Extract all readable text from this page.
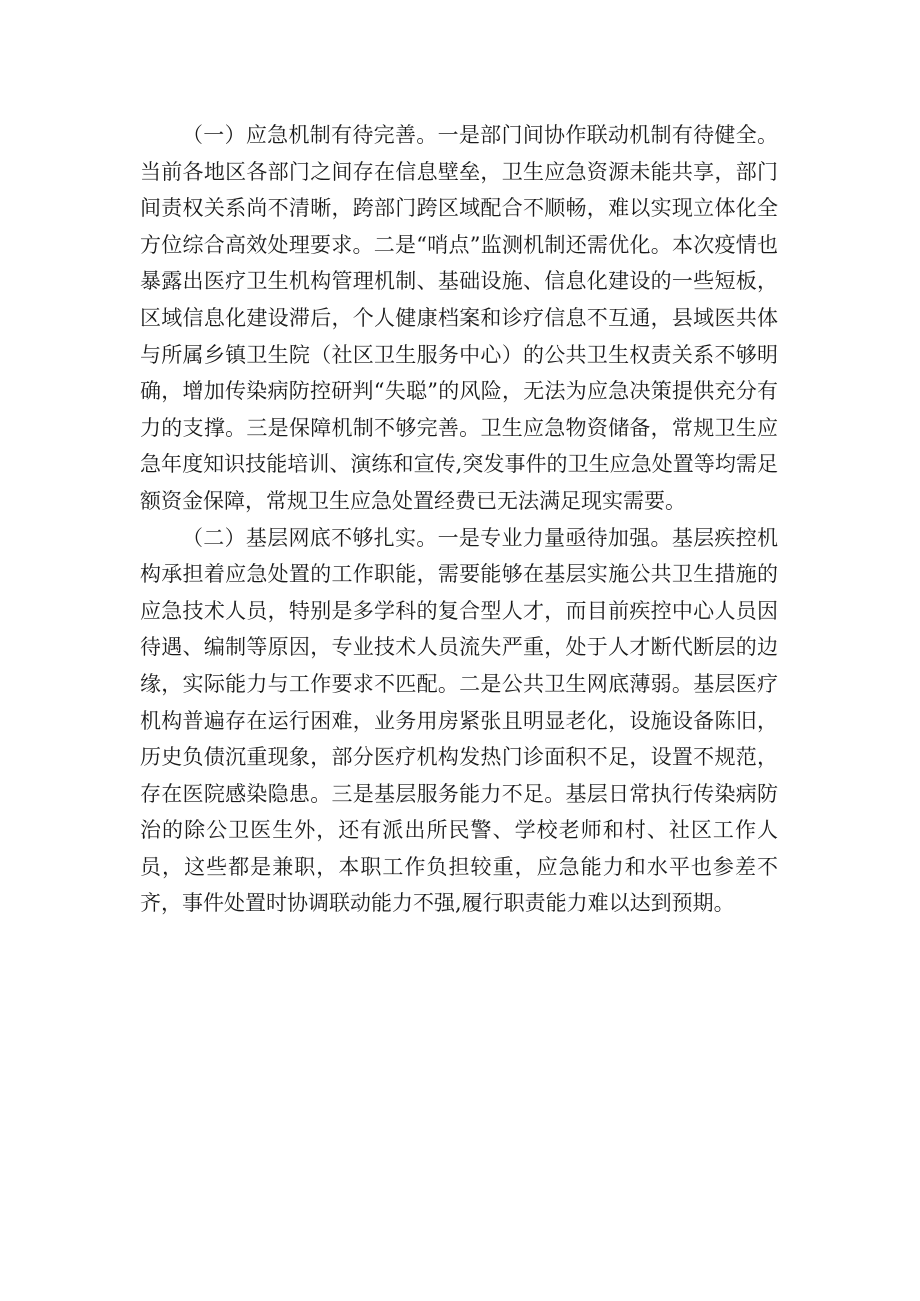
（一）应急机制有待完善。一是部门间协作联动机制有待健全。当前各地区各部门之间存在信息壁垒，卫生应急资源未能共享，部门间责权关系尚不清晰，跨部门跨区域配合不顺畅，难以实现立体化全方位综合高效处理要求。二是“哨点”监测机制还需优化。本次疫情也暴露出医疗卫生机构管理机制、基础设施、信息化建设的一些短板，区域信息化建设滞后，个人健康档案和诊疗信息不互通，县域医共体与所属乡镇卫生院（社区卫生服务中心）的公共卫生权责关系不够明确，增加传染病防控研判“失聪”的风险，无法为应急决策提供充分有力的支撑。三是保障机制不够完善。卫生应急物资储备，常规卫生应急年度知识技能培训、演练和宣传,突发事件的卫生应急处置等均需足额资金保障，常规卫生应急处置经费已无法满足现实需要。

（二）基层网底不够扎实。一是专业力量亟待加强。基层疾控机构承担着应急处置的工作职能，需要能够在基层实施公共卫生措施的应急技术人员，特别是多学科的复合型人才，而目前疾控中心人员因待遇、编制等原因，专业技术人员流失严重，处于人才断代断层的边缘，实际能力与工作要求不匹配。二是公共卫生网底薄弱。基层医疗机构普遍存在运行困难，业务用房紧张且明显老化，设施设备陈旧，历史负债沉重现象，部分医疗机构发热门诊面积不足，设置不规范，存在医院感染隐患。三是基层服务能力不足。基层日常执行传染病防治的除公卫医生外，还有派出所民警、学校老师和村、社区工作人员，这些都是兼职，本职工作负担较重，应急能力和水平也参差不齐，事件处置时协调联动能力不强,履行职责能力难以达到预期。
